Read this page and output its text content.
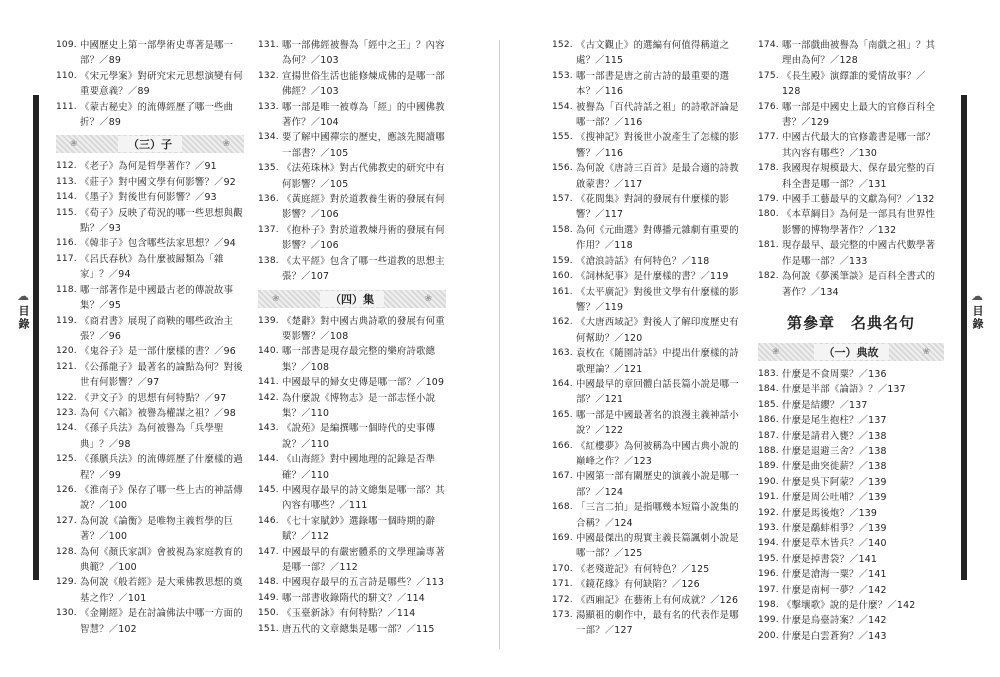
☁
目錄
☁
目錄
109. 中國歷史上第一部學術史專著是哪一部？／89
110. 《宋元學案》對研究宋元思想演變有何重要意義？／89
111. 《蒙古秘史》的流傳經歷了哪一些曲折？／89
❀	（三）子	❀
112. 《老子》為何是哲學著作？／91
113. 《莊子》對中國文學有何影響？／92
114. 《墨子》對後世有何影響？／93
115. 《荀子》反映了荀況的哪一些思想與觀點？／93
116. 《韓非子》包含哪些法家思想？／94
117. 《呂氏春秋》為什麼被歸類為「雜家」？／94
118. 哪一部著作是中國最古老的傳說故事集？／95
119. 《商君書》展現了商鞅的哪些政治主張？／96
120. 《鬼谷子》是一部什麼樣的書？／96
121. 《公孫龍子》最著名的論點為何？對後世有何影響？／97
122. 《尹文子》的思想有何特點？／97
123. 為何《六韜》被譽為權謀之祖？／98
124. 《孫子兵法》為何被譽為「兵學聖典」？／98
125. 《孫臏兵法》的流傳經歷了什麼樣的過程？／99
126. 《淮南子》保存了哪一些上古的神話傳說？／100
127. 為何說《論衡》是唯物主義哲學的巨著？／100
128. 為何《顏氏家訓》會被視為家庭教育的典範？／100
129. 為何說《般若經》是大乘佛教思想的奠基之作？／101
130. 《金剛經》是在討論佛法中哪一方面的智慧？／102
131. 哪一部佛經被譽為「經中之王」？內容為何？／103
132. 宣揚世俗生活也能修煉成佛的是哪一部佛經？／103
133. 哪一部是唯一被尊為「經」的中國佛教著作？／104
134. 要了解中國禪宗的歷史，應該先閱讀哪一部書？／105
135. 《法苑珠林》對古代佛教史的研究中有何影響？／105
136. 《黃庭經》對於道教養生術的發展有何影響？／106
137. 《抱朴子》對於道教煉丹術的發展有何影響？／106
138. 《太平經》包含了哪一些道教的思想主張？／107
❀	（四）集	❀
139. 《楚辭》對中國古典詩歌的發展有何重要影響？／108
140. 哪一部書是現存最完整的樂府詩歌總集？／108
141. 中國最早的婦女史傳是哪一部？／109
142. 為什麼說《博物志》是一部志怪小說集？／110
143. 《說苑》是編撰哪一個時代的史事傳說？／110
144. 《山海經》對中國地理的記錄是否準確？／110
145. 中國現存最早的詩文總集是哪一部？其內容有哪些？／111
146. 《七十家賦鈔》選錄哪一個時期的辭賦？／112
147. 中國最早的有嚴密體系的文學理論專著是哪一部？／112
148. 中國現存最早的五言詩是哪些？／113
149. 哪一部書收錄隋代的駢文？／114
150. 《玉臺新詠》有何特點？／114
151. 唐五代的文章總集是哪一部？／115
152. 《古文觀止》的選編有何值得稱道之處？／115
153. 哪一部書是唐之前古詩的最重要的選本？／116
154. 被譽為「百代詩話之祖」的詩歌評論是哪一部？／116
155. 《搜神記》對後世小說產生了怎樣的影響？／116
156. 為何說《唐詩三百首》是最合適的詩教啟蒙書？／117
157. 《花間集》對詞的發展有什麼樣的影響？／117
158. 為何《元曲選》對傳播元雜劇有重要的作用？／118
159. 《滄浪詩話》有何特色？／118
160. 《詞林紀事》是什麼樣的書？／119
161. 《太平廣記》對後世文學有什麼樣的影響？／119
162. 《大唐西域記》對後人了解印度歷史有何幫助？／120
163. 袁枚在《隨園詩話》中提出什麼樣的詩歌理論？／121
164. 中國最早的章回體白話長篇小說是哪一部？／121
165. 哪一部是中國最著名的浪漫主義神話小說？／122
166. 《紅樓夢》為何被稱為中國古典小說的巔峰之作？／123
167. 中國第一部有關歷史的演義小說是哪一部？／124
168. 「三言二拍」是指哪幾本短篇小說集的合稱？／124
169. 中國最傑出的現實主義長篇諷刺小說是哪一部？／125
170. 《老殘遊記》有何特色？／125
171. 《鏡花緣》有何缺陷？／126
172. 《西廂記》在藝術上有何成就？／126
173. 湯顯祖的劇作中，最有名的代表作是哪一部？／127
174. 哪一部戲曲被譽為「南戲之祖」？其理由為何？／128
175. 《長生殿》演繹誰的愛情故事？／128
176. 哪一部是中國史上最大的官修百科全書？／129
177. 中國古代最大的官修叢書是哪一部？其內容有哪些？／130
178. 我國現存規模最大、保存最完整的百科全書是哪一部？／131
179. 中國手工藝最早的文獻為何？／132
180. 《本草綱目》為何是一部具有世界性影響的博物學著作？／132
181. 現存最早、最完整的中國古代數學著作是哪一部？／133
182. 為何說《夢溪筆談》是百科全書式的著作？／134
第參章　名典名句
❀	（一）典故	❀
183. 什麼是不食周粟？／136
184. 什麼是半部《論語》？／137
185. 什麼是結纓？／137
186. 什麼是尾生抱柱？／137
187. 什麼是請君入甕？／138
188. 什麼是退避三舍？／138
189. 什麼是曲突徙薪？／138
190. 什麼是吳下阿蒙？／139
191. 什麼是周公吐哺？／139
192. 什麼是馬後炮？／139
193. 什麼是鷸蚌相爭？／139
194. 什麼是草木皆兵？／140
195. 什麼是掉書袋？／141
196. 什麼是滄海一粟？／141
197. 什麼是南柯一夢？／142
198. 《擊壤歌》說的是什麼？／142
199. 什麼是烏臺詩案？／142
200. 什麼是白雲蒼狗？／143
